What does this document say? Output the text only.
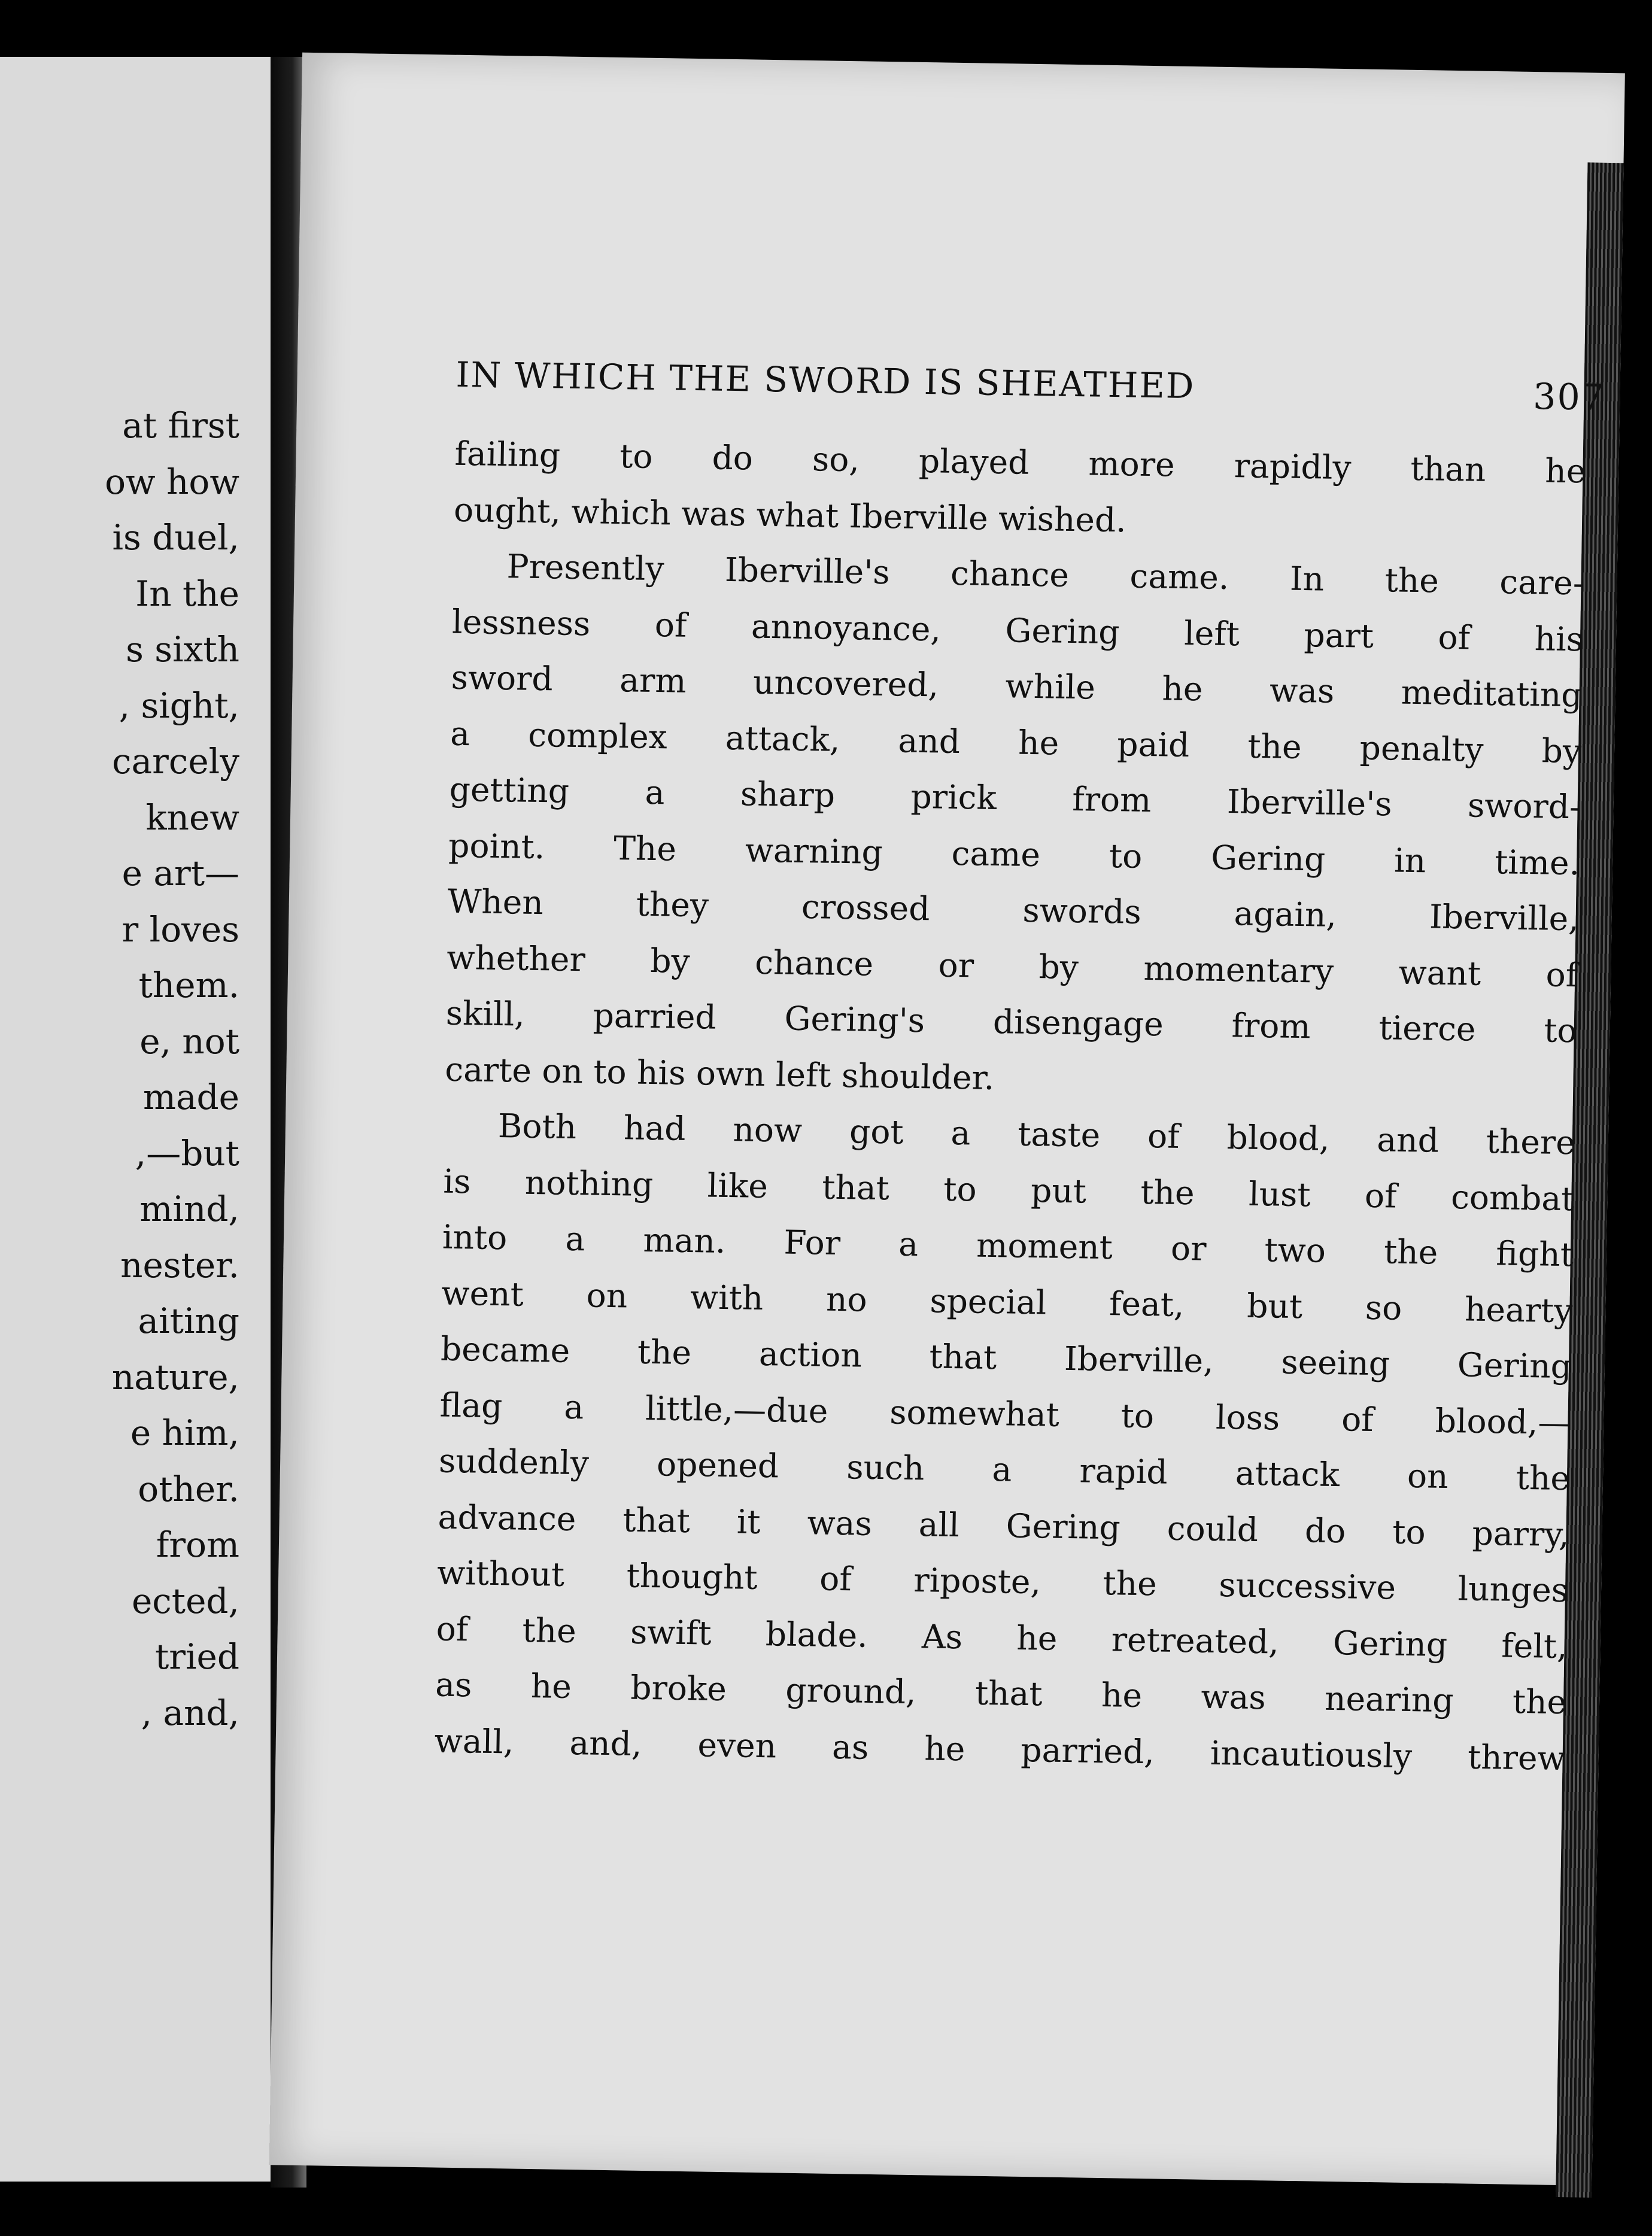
at first
ow how
is duel,
In the
s sixth
, sight,
carcely
knew
e art—
r loves
them.
e, not
made
,—but
mind,
nester.
aiting
nature,
e him,
other.
from
ected,
tried
, and,
IN WHICH THE SWORD IS SHEATHED	307
failing to do so, played more rapidly than he
ought, which was what Iberville wished.
Presently Iberville's chance came. In the care-
lessness of annoyance, Gering left part of his
sword arm uncovered, while he was meditating
a complex attack, and he paid the penalty by
getting a sharp prick from Iberville's sword-
point. The warning came to Gering in time.
When they crossed swords again, Iberville,
whether by chance or by momentary want of
skill, parried Gering's disengage from tierce to
carte on to his own left shoulder.
Both had now got a taste of blood, and there
is nothing like that to put the lust of combat
into a man. For a moment or two the fight
went on with no special feat, but so hearty
became the action that Iberville, seeing Gering
flag a little,—due somewhat to loss of blood,—
suddenly opened such a rapid attack on the
advance that it was all Gering could do to parry,
without thought of riposte, the successive lunges
of the swift blade. As he retreated, Gering felt,
as he broke ground, that he was nearing the
wall, and, even as he parried, incautiously threw
